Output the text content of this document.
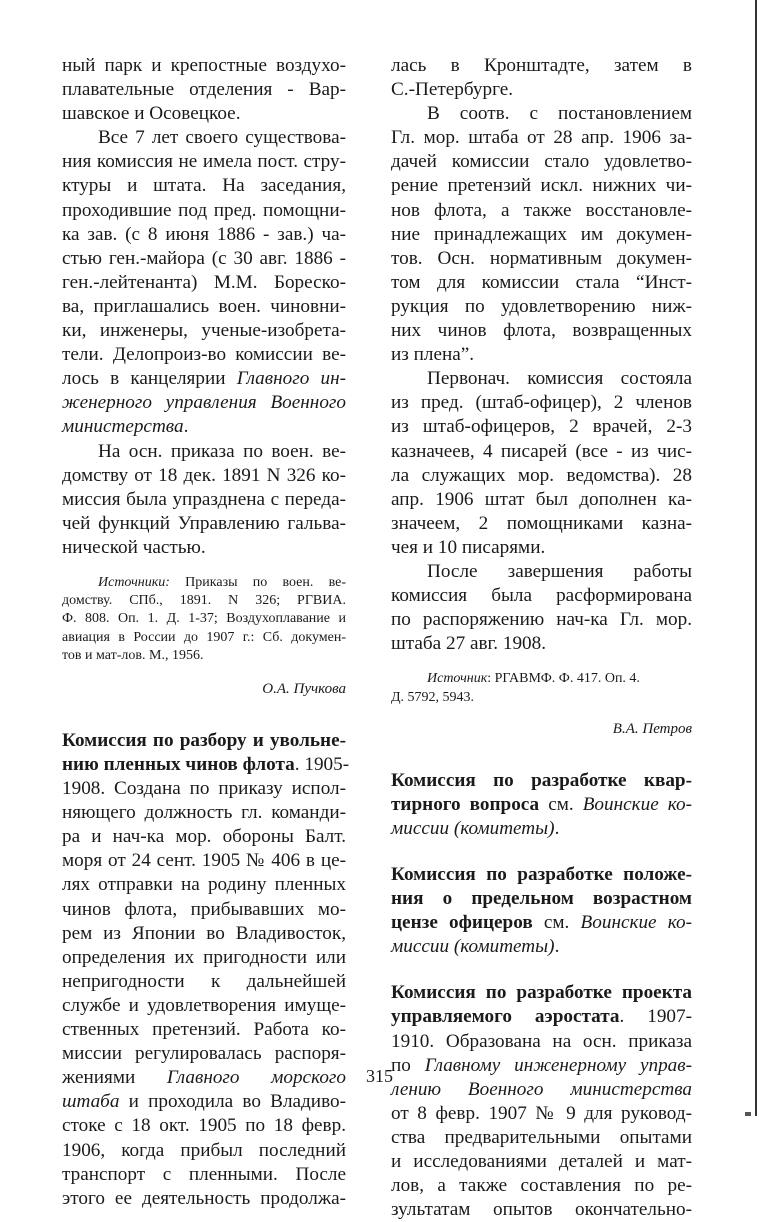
ный парк и крепостные воздухо-
плавательные отделения - Вар-
шавское и Осовецкое.
Все 7 лет своего существова-
ния комиссия не имела пост. стру-
ктуры и штата. На заседания,
проходившие под пред. помощни-
ка зав. (с 8 июня 1886 - зав.) ча-
стью ген.-майора (с 30 авг. 1886 -
ген.-лейтенанта) М.М. Бореско-
ва, приглашались воен. чиновни-
ки, инженеры, ученые-изобрета-
тели. Делопроиз-во комиссии ве-
лось в канцелярии Главного ин-
женерного управления Военного
министерства.
На осн. приказа по воен. ве-
домству от 18 дек. 1891 N 326 ко-
миссия была упразднена с переда-
чей функций Управлению гальва-
нической частью.
Источники: Приказы по воен. ве-
домству. СПб., 1891. N 326; РГВИА.
Ф. 808. Оп. 1. Д. 1-37; Воздухоплавание и
авиация в России до 1907 г.: Сб. докумен-
тов и мат-лов. М., 1956.
О.А. Пучкова
Комиссия по разбору и увольне-
нию пленных чинов флота. 1905-
1908. Создана по приказу испол-
няющего должность гл. команди-
ра и нач-ка мор. обороны Балт.
моря от 24 сент. 1905 № 406 в це-
лях отправки на родину пленных
чинов флота, прибывавших мо-
рем из Японии во Владивосток,
определения их пригодности или
непригодности к дальнейшей
службе и удовлетворения имуще-
ственных претензий. Работа ко-
миссии регулировалась распоря-
жениями Главного морского
штаба и проходила во Владиво-
стоке с 18 окт. 1905 по 18 февр.
1906, когда прибыл последний
транспорт с пленными. После
этого ее деятельность продолжа-
лась в Кронштадте, затем в
С.-Петербурге.
В соотв. с постановлением
Гл. мор. штаба от 28 апр. 1906 за-
дачей комиссии стало удовлетво-
рение претензий искл. нижних чи-
нов флота, а также восстановле-
ние принадлежащих им докумен-
тов. Осн. нормативным докумен-
том для комиссии стала “Инст-
рукция по удовлетворению ниж-
них чинов флота, возвращенных
из плена”.
Первонач. комиссия состояла
из пред. (штаб-офицер), 2 членов
из штаб-офицеров, 2 врачей, 2-3
казначеев, 4 писарей (все - из чис-
ла служащих мор. ведомства). 28
апр. 1906 штат был дополнен ка-
значеем, 2 помощниками казна-
чея и 10 писарями.
После завершения работы
комиссия была расформирована
по распоряжению нач-ка Гл. мор.
штаба 27 авг. 1908.
Источник: РГАВМФ. Ф. 417. Оп. 4.
Д. 5792, 5943.
В.А. Петров
Комиссия по разработке квар-
тирного вопроса см. Воинские ко-
миссии (комитеты).
Комиссия по разработке положе-
ния о предельном возрастном
цензе офицеров см. Воинские ко-
миссии (комитеты).
Комиссия по разработке проекта
управляемого аэростата. 1907-
1910. Образована на осн. приказа
по Главному инженерному управ-
лению Военного министерства
от 8 февр. 1907 № 9 для руковод-
ства предварительными опытами
и исследованиями деталей и мат-
лов, а также составления по ре-
зультатам опытов окончательно-
315
